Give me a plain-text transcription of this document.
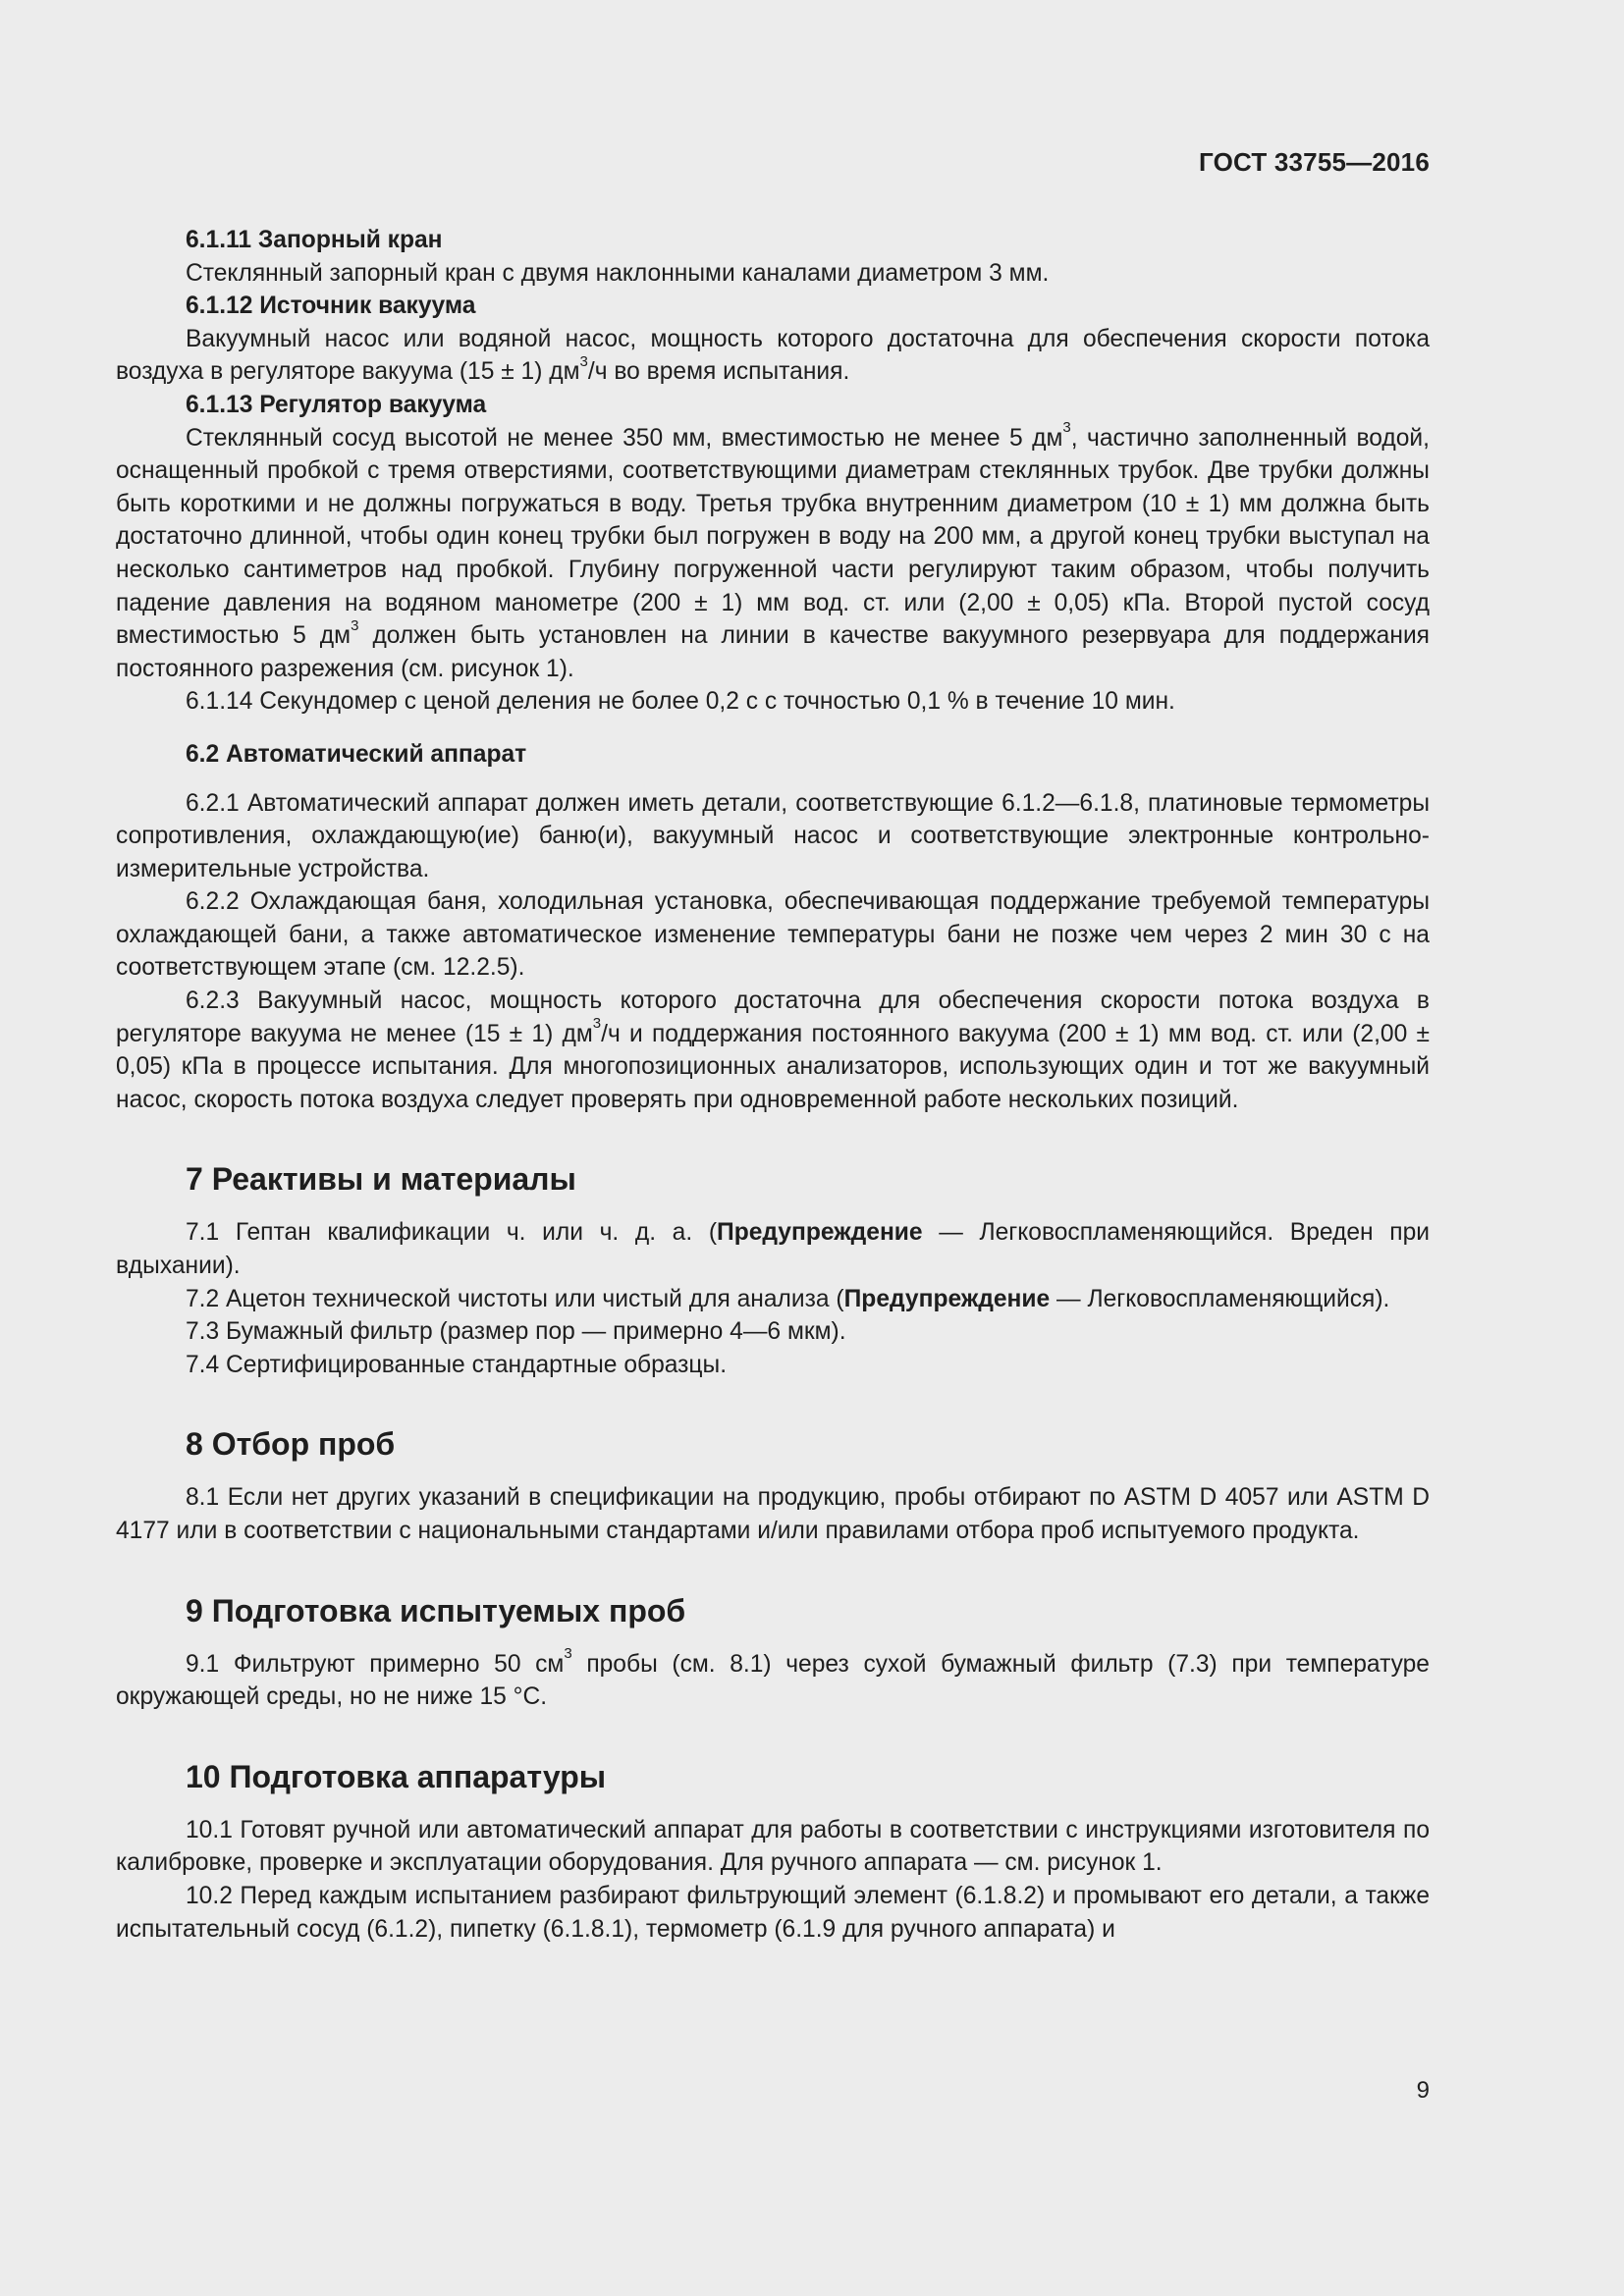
ГОСТ 33755—2016

6.1.11 Запорный кран

Стеклянный запорный кран с двумя наклонными каналами диаметром 3 мм.

6.1.12 Источник вакуума

Вакуумный насос или водяной насос, мощность которого достаточна для обеспечения скорости потока воздуха в регуляторе вакуума (15 ± 1) $дм^3/ч$ во время испытания.

6.1.13 Регулятор вакуума

Стеклянный сосуд высотой не менее 350 мм, вместимостью не менее 5 $дм^3$, частично заполненный водой, оснащенный пробкой с тремя отверстиями, соответствующими диаметрам стеклянных трубок. Две трубки должны быть короткими и не должны погружаться в воду. Третья трубка внутренним диаметром (10 ± 1) мм должна быть достаточно длинной, чтобы один конец трубки был погружен в воду на 200 мм, а другой конец трубки выступал на несколько сантиметров над пробкой. Глубину погруженной части регулируют таким образом, чтобы получить падение давления на водяном манометре (200 ± 1) мм вод. ст. или (2,00 ± 0,05) кПа. Второй пустой сосуд вместимостью 5 $дм^3$ должен быть установлен на линии в качестве вакуумного резервуара для поддержания постоянного разрежения (см. рисунок 1).

6.1.14 Секундомер с ценой деления не более 0,2 с с точностью 0,1 % в течение 10 мин.

6.2 Автоматический аппарат

6.2.1 Автоматический аппарат должен иметь детали, соответствующие 6.1.2—6.1.8, платиновые термометры сопротивления, охлаждающую(ие) баню(и), вакуумный насос и соответствующие электронные контрольно-измерительные устройства.

6.2.2 Охлаждающая баня, холодильная установка, обеспечивающая поддержание требуемой температуры охлаждающей бани, а также автоматическое изменение температуры бани не позже чем через 2 мин 30 с на соответствующем этапе (см. 12.2.5).

6.2.3 Вакуумный насос, мощность которого достаточна для обеспечения скорости потока воздуха в регуляторе вакуума не менее (15 ± 1) $дм^3/ч$ и поддержания постоянного вакуума (200 ± 1) мм вод. ст. или (2,00 ± 0,05) кПа в процессе испытания. Для многопозиционных анализаторов, использующих один и тот же вакуумный насос, скорость потока воздуха следует проверять при одновременной работе нескольких позиций.

7 Реактивы и материалы

7.1 Гептан квалификации ч. или ч. д. а. (Предупреждение — Легковоспламеняющийся. Вреден при вдыхании).

7.2 Ацетон технической чистоты или чистый для анализа (Предупреждение — Легковоспламеняющийся).

7.3 Бумажный фильтр (размер пор — примерно 4—6 мкм).

7.4 Сертифицированные стандартные образцы.

8 Отбор проб

8.1 Если нет других указаний в спецификации на продукцию, пробы отбирают по ASTM D 4057 или ASTM D 4177 или в соответствии с национальными стандартами и/или правилами отбора проб испытуемого продукта.

9 Подготовка испытуемых проб

9.1 Фильтруют примерно 50 $см^3$ пробы (см. 8.1) через сухой бумажный фильтр (7.3) при температуре окружающей среды, но не ниже 15 °С.

10 Подготовка аппаратуры

10.1 Готовят ручной или автоматический аппарат для работы в соответствии с инструкциями изготовителя по калибровке, проверке и эксплуатации оборудования. Для ручного аппарата — см. рисунок 1.

10.2 Перед каждым испытанием разбирают фильтрующий элемент (6.1.8.2) и промывают его детали, а также испытательный сосуд (6.1.2), пипетку (6.1.8.1), термометр (6.1.9 для ручного аппарата) и

9
